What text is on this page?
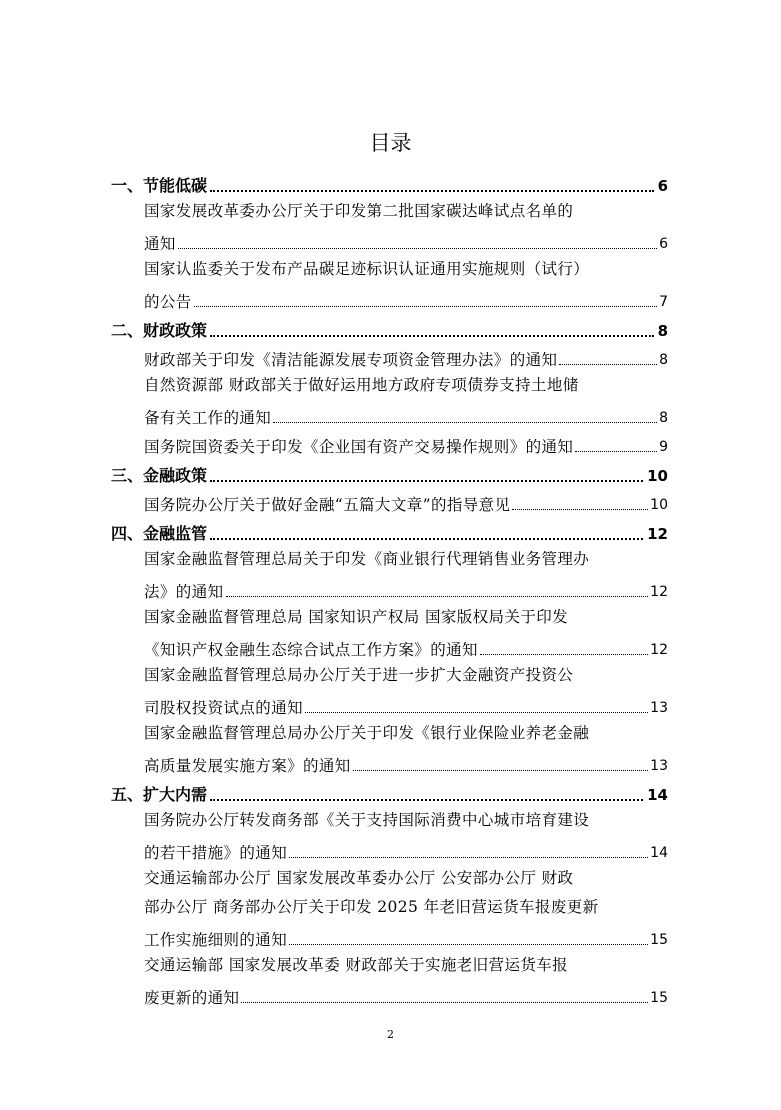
目录
一、节能低碳	6
国家发展改革委办公厅关于印发第二批国家碳达峰试点名单的
通知	6
国家认监委关于发布产品碳足迹标识认证通用实施规则（试行）
的公告	7
二、财政政策	8
财政部关于印发《清洁能源发展专项资金管理办法》的通知	8
自然资源部 财政部关于做好运用地方政府专项债券支持土地储
备有关工作的通知	8
国务院国资委关于印发《企业国有资产交易操作规则》的通知	9
三、金融政策	10
国务院办公厅关于做好金融“五篇大文章”的指导意见	10
四、金融监管	12
国家金融监督管理总局关于印发《商业银行代理销售业务管理办
法》的通知	12
国家金融监督管理总局 国家知识产权局 国家版权局关于印发
《知识产权金融生态综合试点工作方案》的通知	12
国家金融监督管理总局办公厅关于进一步扩大金融资产投资公
司股权投资试点的通知	13
国家金融监督管理总局办公厅关于印发《银行业保险业养老金融
高质量发展实施方案》的通知	13
五、扩大内需	14
国务院办公厅转发商务部《关于支持国际消费中心城市培育建设
的若干措施》的通知	14
交通运输部办公厅 国家发展改革委办公厅 公安部办公厅 财政
部办公厅 商务部办公厅关于印发 2025 年老旧营运货车报废更新
工作实施细则的通知	15
交通运输部 国家发展改革委 财政部关于实施老旧营运货车报
废更新的通知	15
2
